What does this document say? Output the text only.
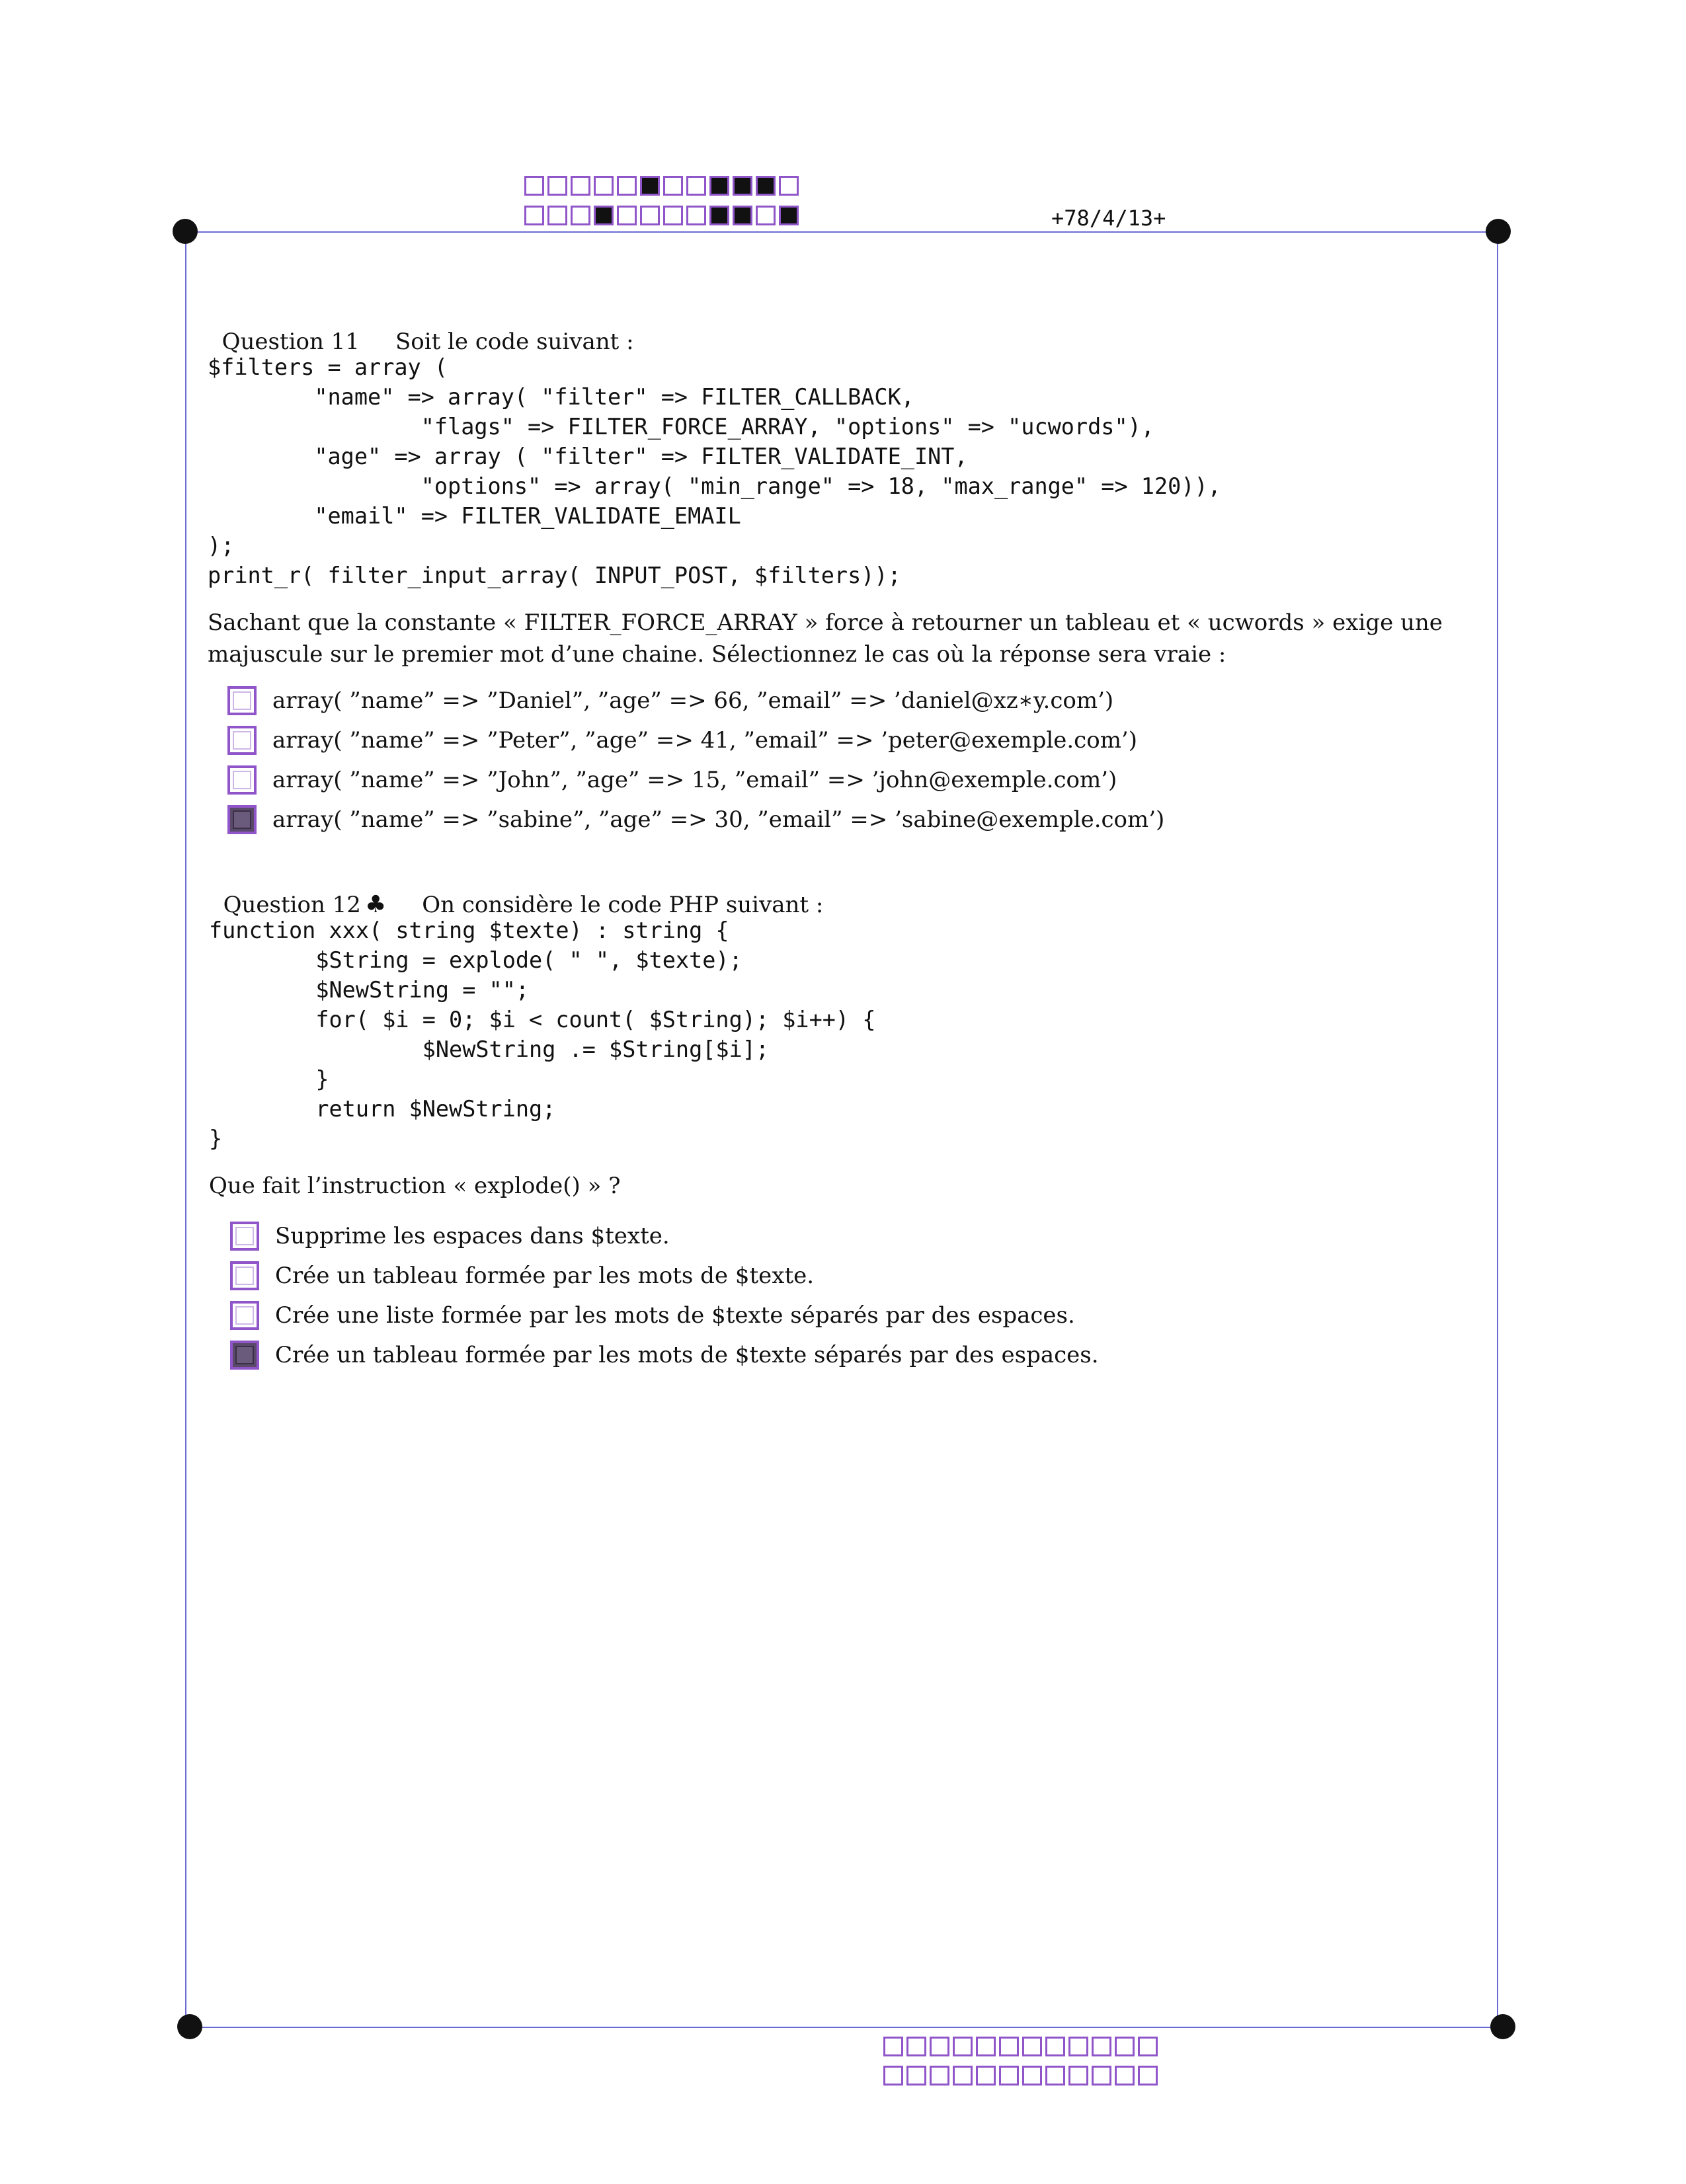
+78/4/13+

Question 11 Soit le code suivant :

$filters = array (
"name" => array( "filter" => FILTER_CALLBACK,
"flags" => FILTER_FORCE_ARRAY, "options" => "ucwords"),
"age" => array ( "filter" => FILTER_VALIDATE_INT,
"options" => array( "min_range" => 18, "max_range" => 120)),
"email" => FILTER_VALIDATE_EMAIL
);
print_r( filter_input_array( INPUT_POST, $filters));
Sachant que la constante « FILTER_FORCE_ARRAY » force à retourner un tableau et « ucwords » exige une majuscule sur le premier mot d’une chaine. Sélectionnez le cas où la réponse sera vraie :
array( ”name” => ”Daniel”, ”age” => 66, ”email” => ’daniel@xz∗y.com’)
array( ”name” => ”Peter”, ”age” => 41, ”email” => ’peter@exemple.com’)
array( ”name” => ”John”, ”age” => 15, ”email” => ’john@exemple.com’)
array( ”name” => ”sabine”, ”age” => 30, ”email” => ’sabine@exemple.com’)

Question 12 ♣ On considère le code PHP suivant :

function xxx( string $texte) : string {
$String = explode( " ", $texte);
$NewString = "";
for( $i = 0; $i < count( $String); $i++) {
$NewString .= $String[$i];
}
return $NewString;
}
Que fait l’instruction « explode() » ?
Supprime les espaces dans $texte.
Crée un tableau formée par les mots de $texte.
Crée une liste formée par les mots de $texte séparés par des espaces.
Crée un tableau formée par les mots de $texte séparés par des espaces.
